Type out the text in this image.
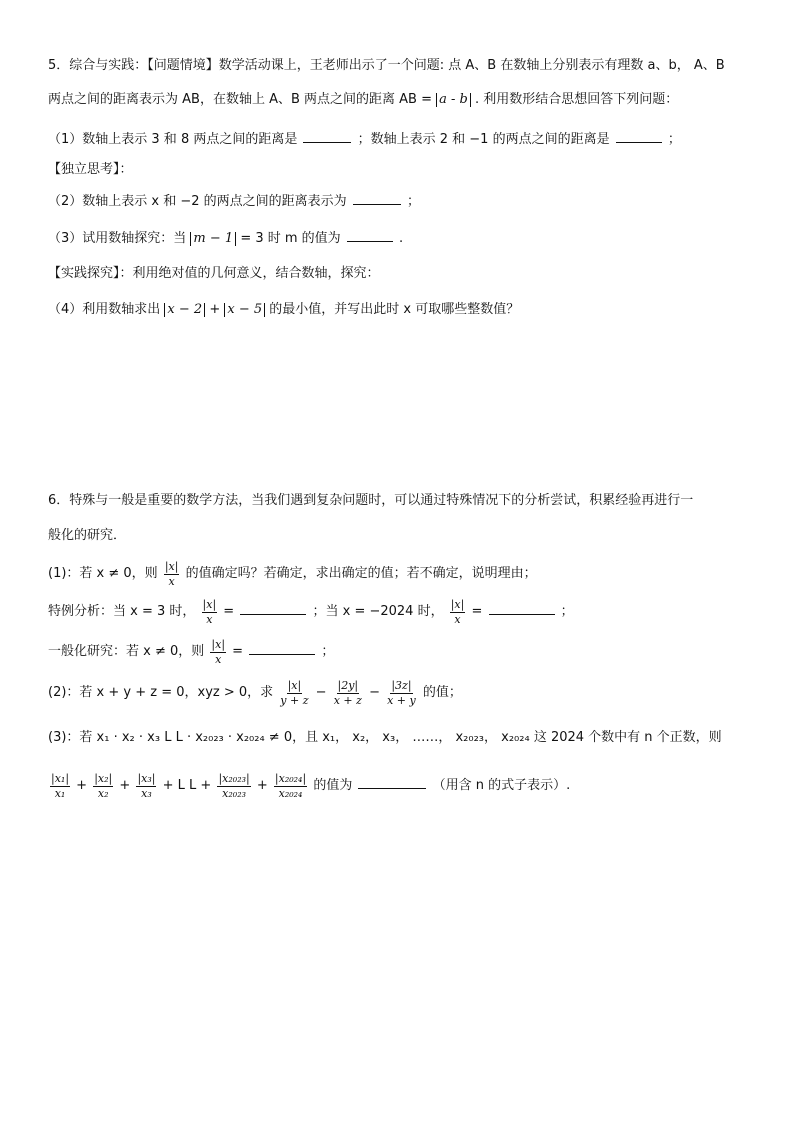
5．综合与实践：【问题情境】数学活动课上，王老师出示了一个问题: 点 A、B 在数轴上分别表示有理数 a、b， A、B
两点之间的距离表示为 AB，在数轴上 A、B 两点之间的距离 AB = a - b . 利用数形结合思想回答下列问题：
（1）数轴上表示 3 和 8 两点之间的距离是	；数轴上表示 2 和 −1 的两点之间的距离是	；
【独立思考】：
（2）数轴上表示 x 和 −2 的两点之间的距离表示为	；
（3）试用数轴探究：当 m − 1 = 3 时 m 的值为	.
【实践探究】：利用绝对值的几何意义，结合数轴，探究：
（4）利用数轴求出 x − 2 + x − 5 的最小值，并写出此时 x 可取哪些整数值？
6．特殊与一般是重要的数学方法，当我们遇到复杂问题时，可以通过特殊情况下的分析尝试，积累经验再进行一
般化的研究．
(1)：若 x ≠ 0，则 $\frac{|x|}{x}$ 的值确定吗？若确定，求出确定的值；若不确定，说明理由；
特例分析：当 x = 3 时， $\frac{|x|}{x}$ =	；当 x = −2024 时， $\frac{|x|}{x}$ =	；
一般化研究：若 x ≠ 0，则 $\frac{|x|}{x}$ =	；
(2)：若 x + y + z = 0，xyz > 0，求 $\frac{|x|}{y + z} - \frac{|2y|}{x + z} - \frac{|3z|}{x + y}$ 的值；
(3)：若 x₁ · x₂ · x₃ L L · x₂₀₂₃ · x₂₀₂₄ ≠ 0，且 x₁， x₂， x₃， ……， x₂₀₂₃， x₂₀₂₄ 这 2024 个数中有 n 个正数，则
$\frac{\text{|x₁|}}{\text{x₁}} + \frac{\text{|x₂|}}{\text{x₂}} + \frac{\text{|x₃|}}{\text{x₃}} + L$ $L + \frac{\text{|x₂₀₂₃|}}{\text{x₂₀₂₃}} + \frac{\text{|x₂₀₂₄|}}{\text{x₂₀₂₄}}$ 的值为	（用含 n 的式子表示）.
